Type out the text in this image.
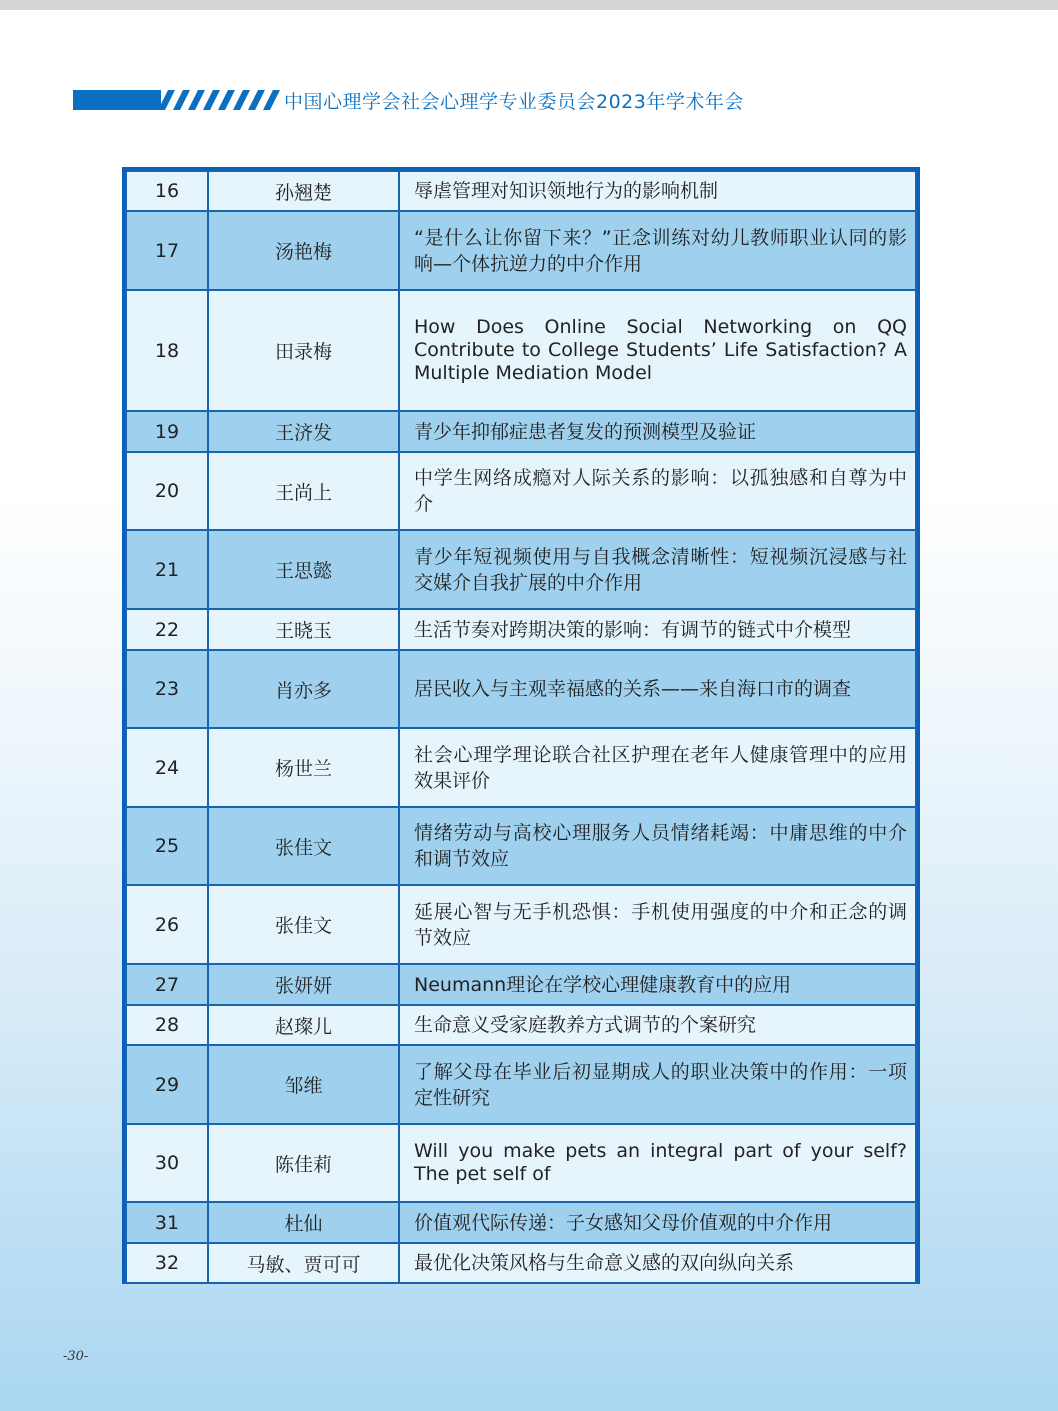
中国心理学会社会心理学专业委员会2023年学术年会
16	孙翘楚	辱虐管理对知识领地行为的影响机制
17	汤艳梅	“是什么让你留下来？”正念训练对幼儿教师职业认同的影响—个体抗逆力的中介作用
18	田录梅	How Does Online Social Networking on QQ Contribute to College Students’ Life Satisfaction? A Multiple Mediation Model
19	王济发	青少年抑郁症患者复发的预测模型及验证
20	王尚上	中学生网络成瘾对人际关系的影响：以孤独感和自尊为中介
21	王思懿	青少年短视频使用与自我概念清晰性：短视频沉浸感与社交媒介自我扩展的中介作用
22	王晓玉	生活节奏对跨期决策的影响：有调节的链式中介模型
23	肖亦多	居民收入与主观幸福感的关系——来自海口市的调查
24	杨世兰	社会心理学理论联合社区护理在老年人健康管理中的应用效果评价
25	张佳文	情绪劳动与高校心理服务人员情绪耗竭：中庸思维的中介和调节效应
26	张佳文	延展心智与无手机恐惧：手机使用强度的中介和正念的调节效应
27	张妍妍	Neumann理论在学校心理健康教育中的应用
28	赵璨儿	生命意义受家庭教养方式调节的个案研究
29	邹维	了解父母在毕业后初显期成人的职业决策中的作用：一项定性研究
30	陈佳莉	Will you make pets an integral part of your self? The pet self of
31	杜仙	价值观代际传递：子女感知父母价值观的中介作用
32	马敏、贾可可	最优化决策风格与生命意义感的双向纵向关系
-30-
